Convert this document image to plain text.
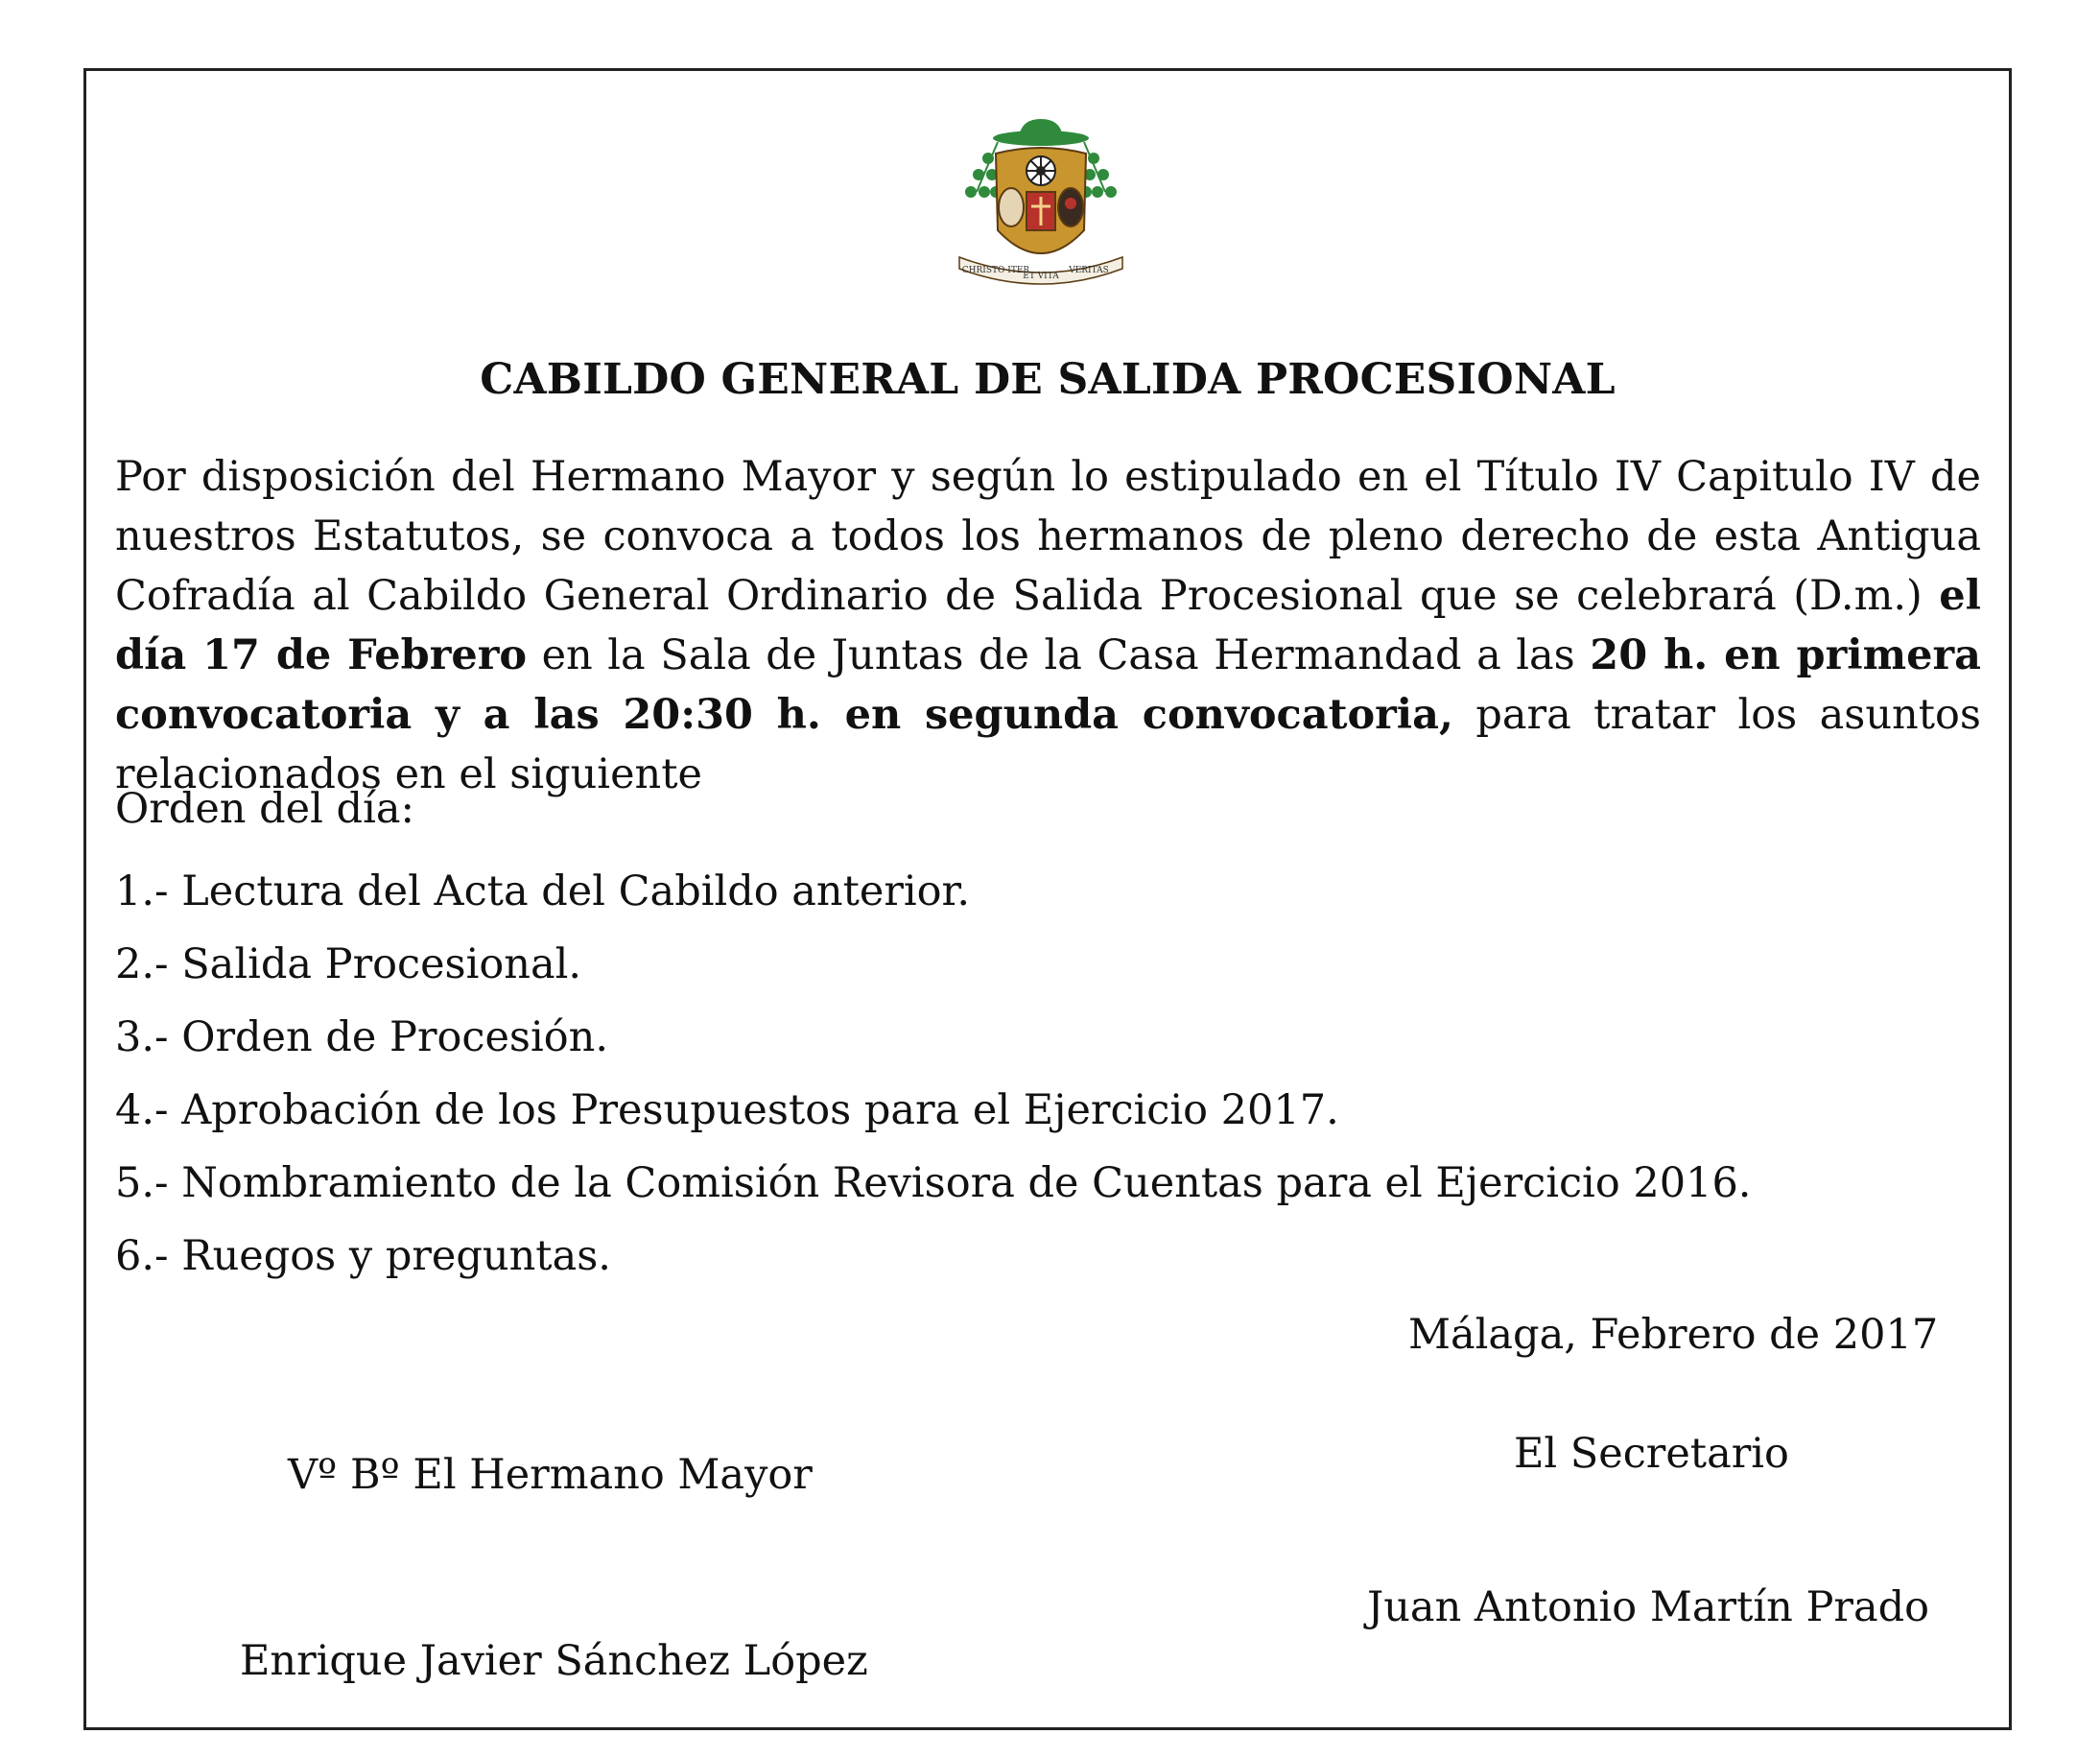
CHRISTO ITER
ET VITA
VERITAS
CABILDO GENERAL DE SALIDA PROCESIONAL

Por disposición del Hermano Mayor y según lo estipulado en el Título IV Capitulo IV de nuestros Estatutos, se convoca a todos los hermanos de pleno derecho de esta Antigua Cofradía al Cabildo General Ordinario de Salida Procesional que se celebrará (D.m.) el día 17 de Febrero en la Sala de Juntas de la Casa Hermandad a las 20 h. en primera convocatoria y a las 20:30 h. en segunda convocatoria, para tratar los asuntos relacionados en el siguiente

Orden del día:
1.- Lectura del Acta del Cabildo anterior.
2.- Salida Procesional.
3.- Orden de Procesión.
4.- Aprobación de los Presupuestos para el Ejercicio 2017.
5.- Nombramiento de la Comisión Revisora de Cuentas para el Ejercicio 2016.
6.- Ruegos y preguntas.
Málaga, Febrero de 2017
Vº Bº El Hermano Mayor
Enrique Javier Sánchez López
El Secretario
Juan Antonio Martín Prado
